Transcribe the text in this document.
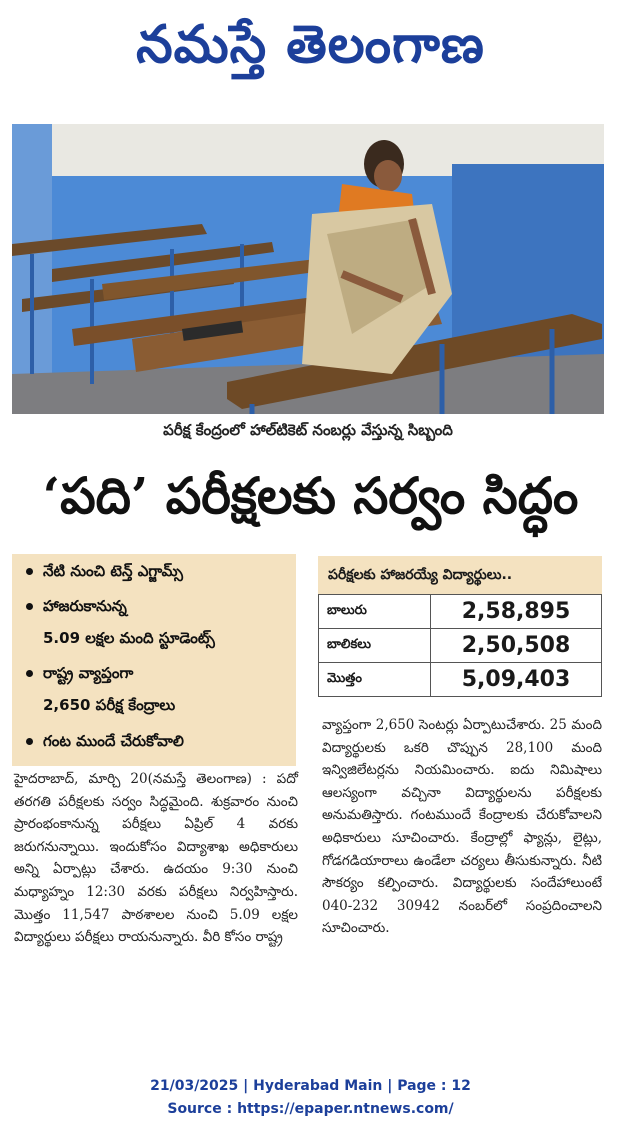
నమస్తే తెలంగాణ
పరీక్ష కేంద్రంలో హాల్‌టికెట్ నంబర్లు వేస్తున్న సిబ్బంది
‘పది’ పరీక్షలకు సర్వం సిద్ధం
నేటి నుంచి టెన్త్ ఎగ్జామ్స్
హాజరుకానున్న
5.09 లక్షల మంది స్టూడెంట్స్
రాష్ట్ర వ్యాప్తంగా
2,650 పరీక్ష కేంద్రాలు
గంట ముందే చేరుకోవాలి
పరీక్షలకు హాజరయ్యే విద్యార్థులు..
బాలురు	2,58,895
బాలికలు	2,50,508
మొత్తం	5,09,403

వ్యాప్తంగా 2,650 సెంటర్లు ఏర్పాటుచేశారు. 25 మంది విద్యార్థులకు ఒకరి చొప్పున 28,100 మంది ఇన్విజిలేటర్లను నియమించారు. ఐదు నిమిషాలు ఆలస్యంగా వచ్చినా విద్యార్థులను పరీక్షలకు అనుమతిస్తారు. గంటముందే కేంద్రాలకు చేరుకోవాలని అధికారులు సూచించారు. కేంద్రాల్లో ఫ్యాన్లు, లైట్లు, గోడగడియారాలు ఉండేలా చర్యలు తీసుకున్నారు. నీటి సౌకర్యం కల్పించారు. విద్యార్థులకు సందేహాలుంటే 040-232 30942 నంబర్‌లో సంప్రదించాలని సూచించారు.

హైదరాబాద్, మార్చి 20(నమస్తే తెలంగాణ) : పదో తరగతి పరీక్షలకు సర్వం సిద్ధమైంది. శుక్రవారం నుంచి ప్రారంభంకానున్న పరీక్షలు ఏప్రిల్ 4 వరకు జరుగనున్నాయి. ఇందుకోసం విద్యాశాఖ అధికారులు అన్ని ఏర్పాట్లు చేశారు. ఉదయం 9:30 నుంచి మధ్యాహ్నం 12:30 వరకు పరీక్షలు నిర్వహిస్తారు. మొత్తం 11,547 పాఠశాలల నుంచి 5.09 లక్షల విద్యార్థులు పరీక్షలు రాయనున్నారు. వీరి కోసం రాష్ట్ర

21/03/2025 | Hyderabad Main | Page : 12
Source : https://epaper.ntnews.com/
